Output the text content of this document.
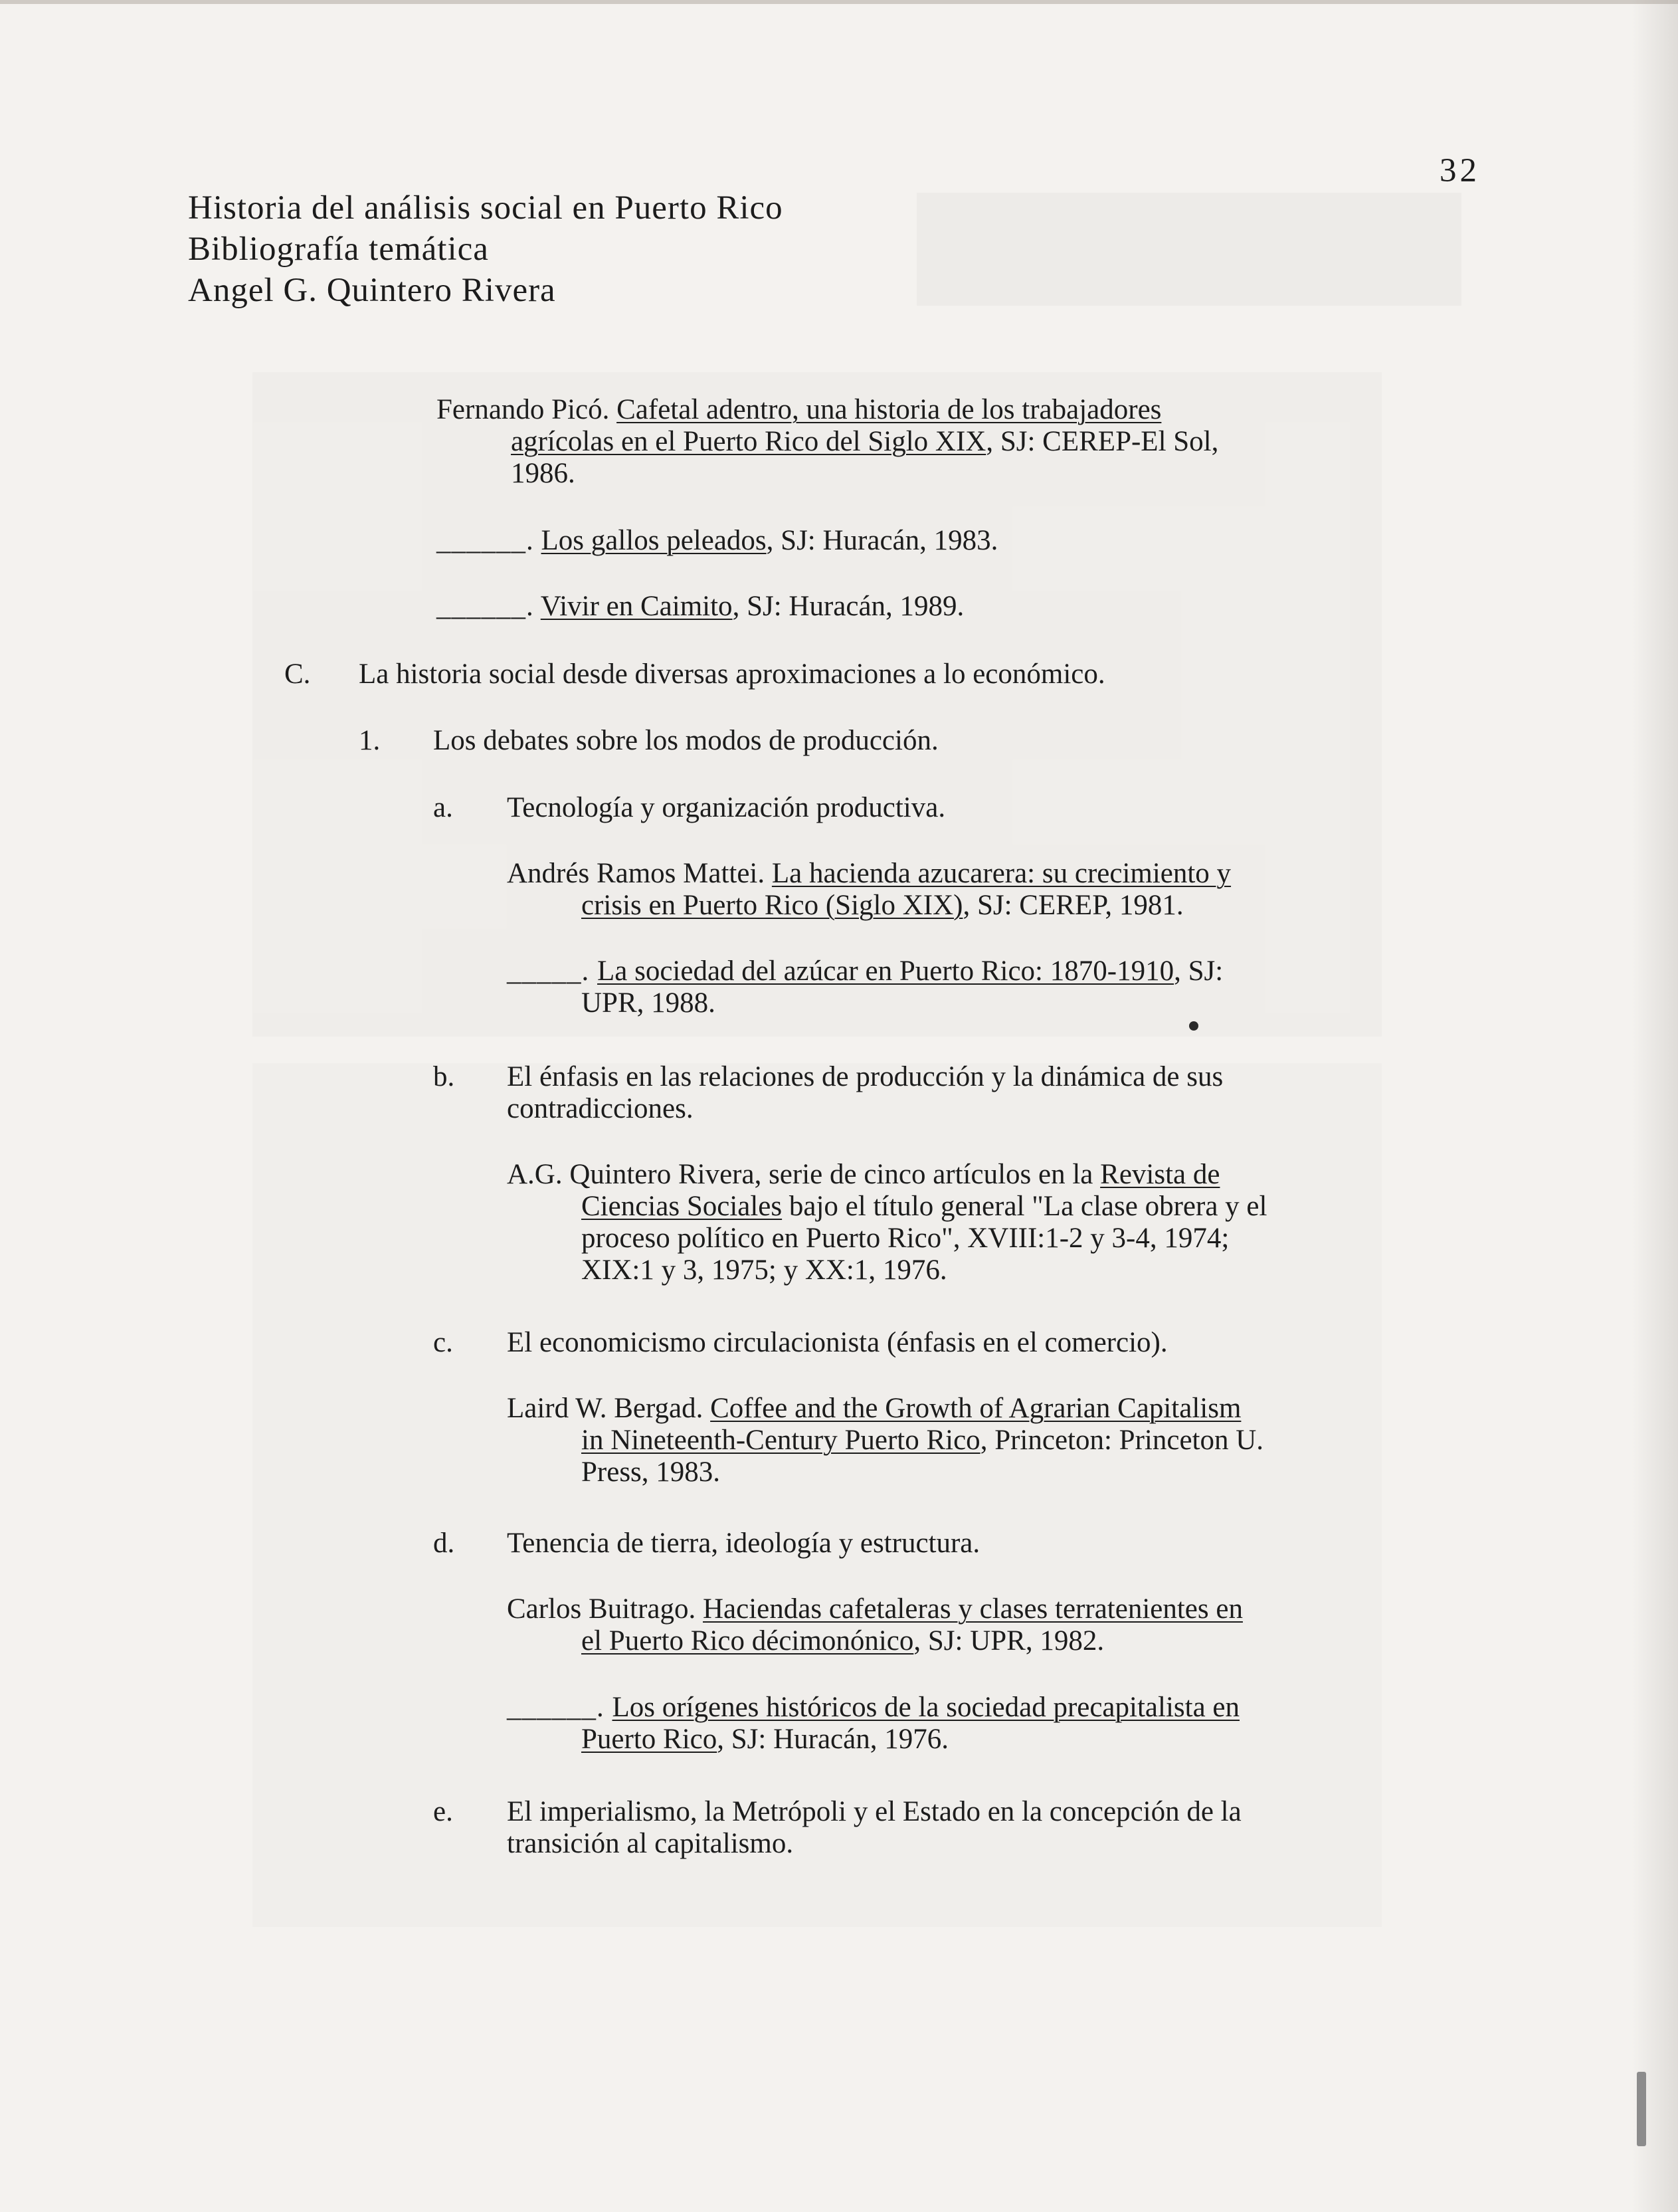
32
Historia del análisis social en Puerto Rico
Bibliografía temática
Angel G. Quintero Rivera
Fernando Picó. Cafetal adentro, una historia de los trabajadores
agrícolas en el Puerto Rico del Siglo XIX, SJ: CEREP-El Sol,
1986.
______. Los gallos peleados, SJ: Huracán, 1983.
______. Vivir en Caimito, SJ: Huracán, 1989.
C. La historia social desde diversas aproximaciones a lo económico.
1. Los debates sobre los modos de producción.
a. Tecnología y organización productiva.
Andrés Ramos Mattei. La hacienda azucarera: su crecimiento y
crisis en Puerto Rico (Siglo XIX), SJ: CEREP, 1981.
_____. La sociedad del azúcar en Puerto Rico: 1870-1910, SJ:
UPR, 1988.
b. El énfasis en las relaciones de producción y la dinámica de sus
contradicciones.
A.G. Quintero Rivera, serie de cinco artículos en la Revista de
Ciencias Sociales bajo el título general "La clase obrera y el
proceso político en Puerto Rico", XVIII:1-2 y 3-4, 1974;
XIX:1 y 3, 1975; y XX:1, 1976.
c. El economicismo circulacionista (énfasis en el comercio).
Laird W. Bergad. Coffee and the Growth of Agrarian Capitalism
in Nineteenth-Century Puerto Rico, Princeton: Princeton U.
Press, 1983.
d. Tenencia de tierra, ideología y estructura.
Carlos Buitrago. Haciendas cafetaleras y clases terratenientes en
el Puerto Rico décimonónico, SJ: UPR, 1982.
______. Los orígenes históricos de la sociedad precapitalista en
Puerto Rico, SJ: Huracán, 1976.
e. El imperialismo, la Metrópoli y el Estado en la concepción de la
transición al capitalismo.
